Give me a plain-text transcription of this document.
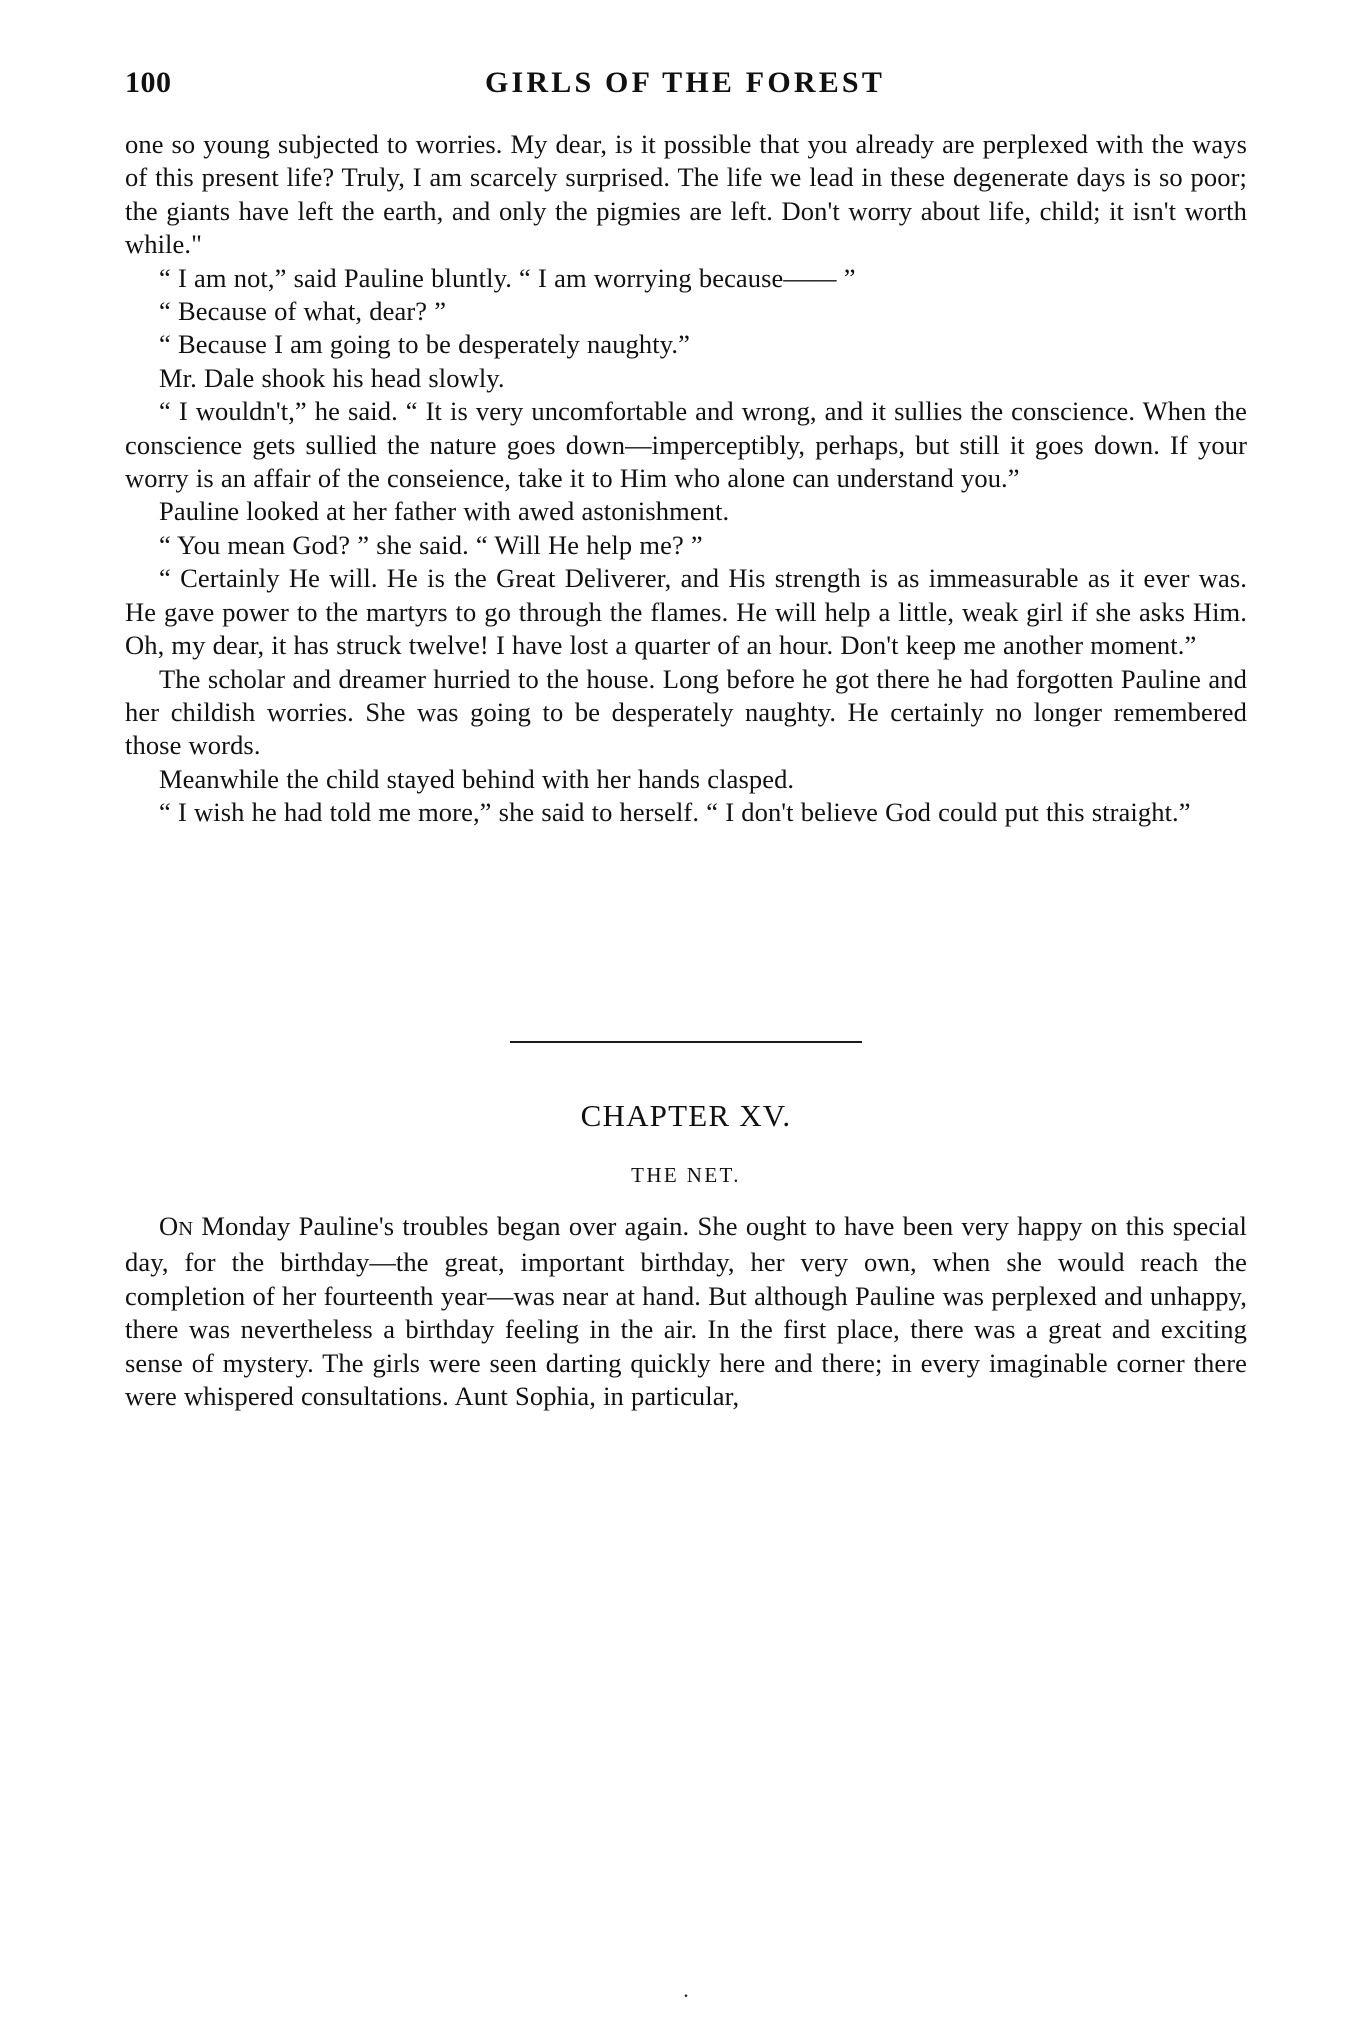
100	GIRLS OF THE FOREST

one so young subjected to worries. My dear, is it possible that you already are perplexed with the ways of this present life? Truly, I am scarcely surprised. The life we lead in these degenerate days is so poor; the giants have left the earth, and only the pigmies are left. Don't worry about life, child; it isn't worth while."

“ I am not,” said Pauline bluntly. “ I am worrying because—— ”

“ Because of what, dear? ”

“ Because I am going to be desperately naughty.”

Mr. Dale shook his head slowly.

“ I wouldn't,” he said. “ It is very uncomfortable and wrong, and it sullies the conscience. When the conscience gets sullied the nature goes down—imperceptibly, perhaps, but still it goes down. If your worry is an affair of the conseience, take it to Him who alone can understand you.”

Pauline looked at her father with awed astonishment.

“ You mean God? ” she said. “ Will He help me? ”

“ Certainly He will. He is the Great Deliverer, and His strength is as immeasurable as it ever was. He gave power to the martyrs to go through the flames. He will help a little, weak girl if she asks Him. Oh, my dear, it has struck twelve! I have lost a quarter of an hour. Don't keep me another moment.”

The scholar and dreamer hurried to the house. Long before he got there he had forgotten Pauline and her childish worries. She was going to be desperately naughty. He certainly no longer remembered those words.

Meanwhile the child stayed behind with her hands clasped.

“ I wish he had told me more,” she said to herself. “ I don't believe God could put this straight.”

CHAPTER XV.
THE NET.

ON Monday Pauline's troubles began over again. She ought to have been very happy on this special day, for the birthday—the great, important birthday, her very own, when she would reach the completion of her fourteenth year—was near at hand. But although Pauline was perplexed and unhappy, there was nevertheless a birthday feeling in the air. In the first place, there was a great and exciting sense of mystery. The girls were seen darting quickly here and there; in every imaginable corner there were whispered consultations. Aunt Sophia, in particular,

.
